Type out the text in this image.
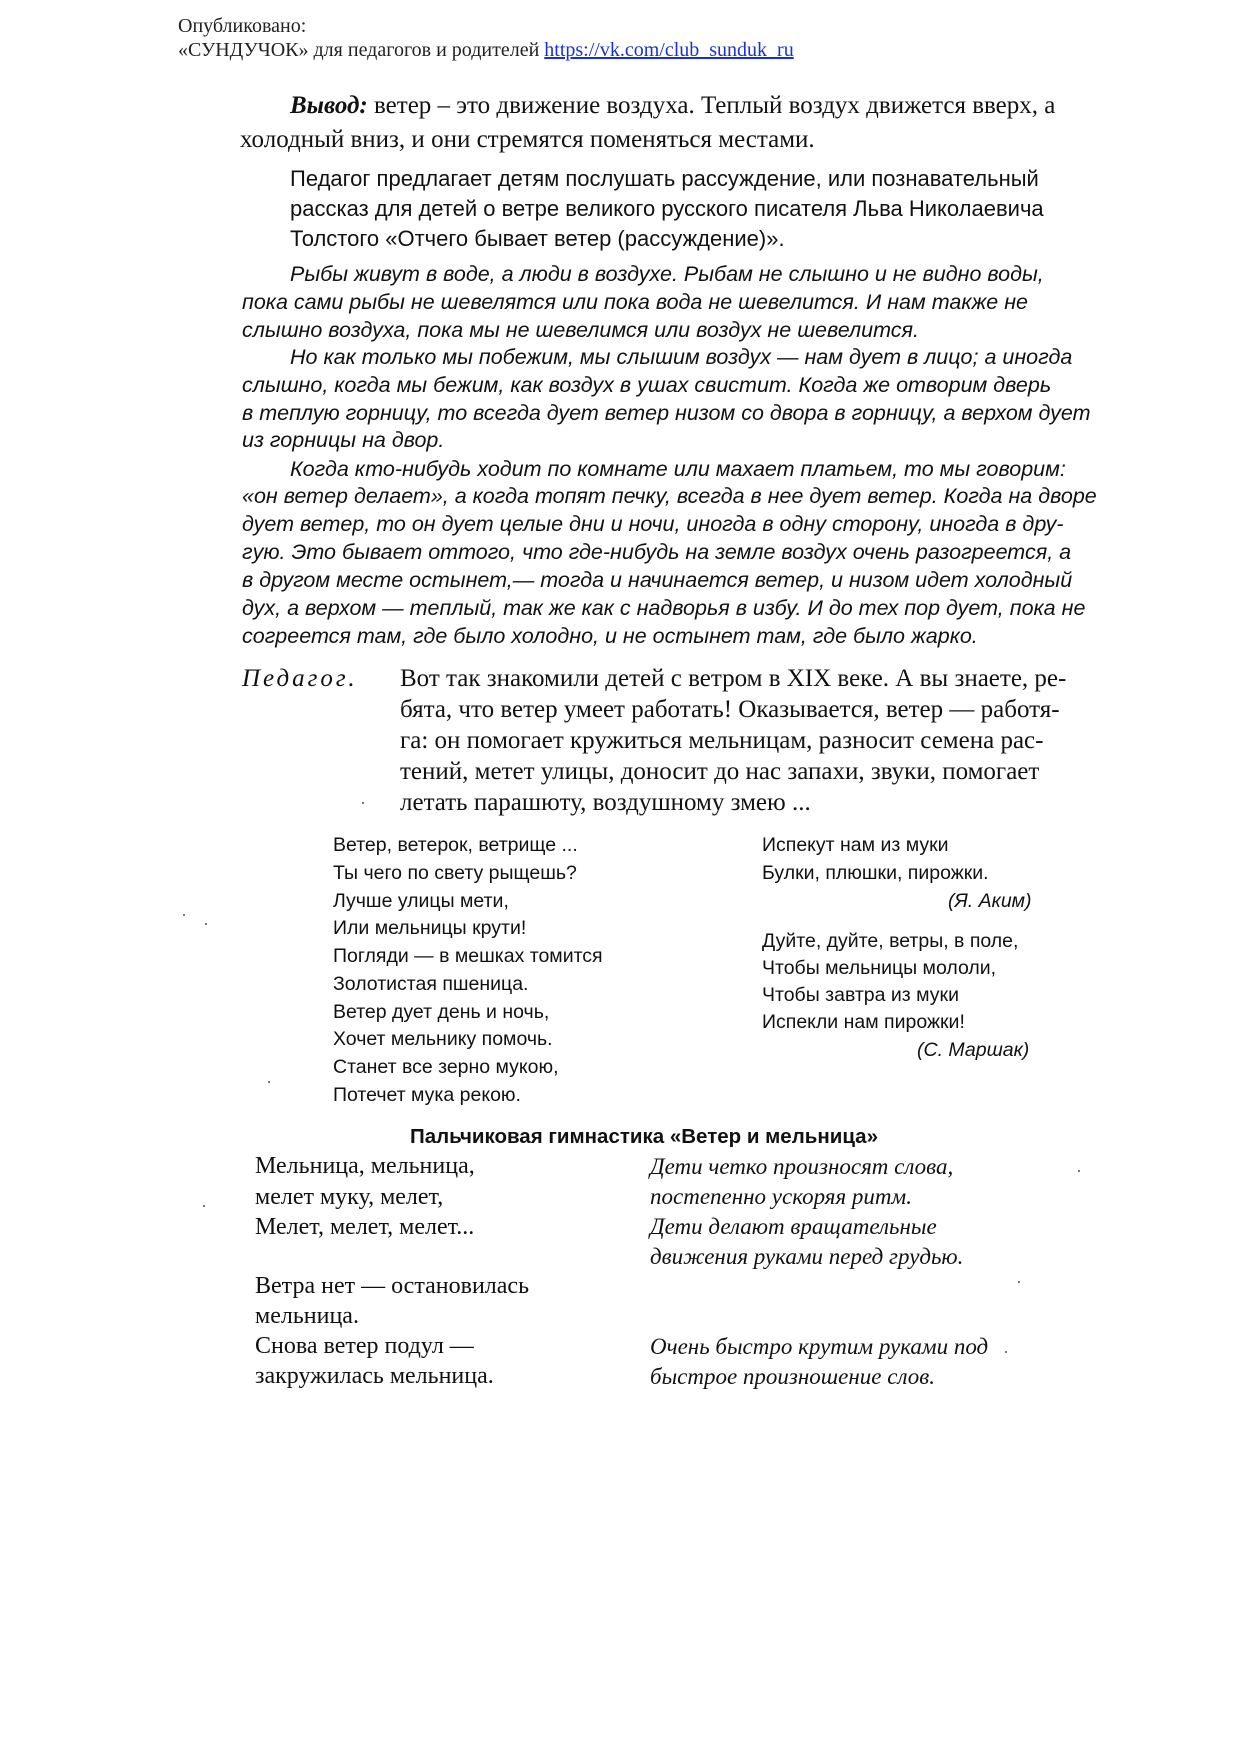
Опубликовано:
«СУНДУЧОК» для педагогов и родителей https://vk.com/club_sunduk_ru
Вывод: ветер – это движение воздуха. Теплый воздух движется вверх, а
холодный вниз, и они стремятся поменяться местами.
Педагог предлагает детям послушать рассуждение, или познавательный
рассказ для детей о ветре великого русского писателя Льва Николаевича
Толстого «Отчего бывает ветер (рассуждение)».
Рыбы живут в воде, а люди в воздухе. Рыбам не слышно и не видно воды,
пока сами рыбы не шевелятся или пока вода не шевелится. И нам также не
слышно воздуха, пока мы не шевелимся или воздух не шевелится.
Но как только мы побежим, мы слышим воздух — нам дует в лицо; а иногда
слышно, когда мы бежим, как воздух в ушах свистит. Когда же отворим дверь
в теплую горницу, то всегда дует ветер низом со двора в горницу, а верхом дует
из горницы на двор.
Когда кто-нибудь ходит по комнате или махает платьем, то мы говорим:
«он ветер делает», а когда топят печку, всегда в нее дует ветер. Когда на дворе
дует ветер, то он дует целые дни и ночи, иногда в одну сторону, иногда в дру-
гую. Это бывает оттого, что где-нибудь на земле воздух очень разогреется, а
в другом месте остынет,— тогда и начинается ветер, и низом идет холодный
дух, а верхом — теплый, так же как с надворья в избу. И до тех пор дует, пока не
согреется там, где было холодно, и не остынет там, где было жарко.
Педагог. Вот так знакомили детей с ветром в XIX веке. А вы знаете, ре-
бята, что ветер умеет работать! Оказывается, ветер — работя-
га: он помогает кружиться мельницам, разносит семена рас-
тений, метет улицы, доносит до нас запахи, звуки, помогает
летать парашюту, воздушному змею ...
Ветер, ветерок, ветрище ...
Ты чего по свету рыщешь?
Лучше улицы мети,
Или мельницы крути!
Погляди — в мешках томится
Золотистая пшеница.
Ветер дует день и ночь,
Хочет мельнику помочь.
Станет все зерно мукою,
Потечет мука рекою.
Испекут нам из муки
Булки, плюшки, пирожки.
(Я. Аким)
Дуйте, дуйте, ветры, в поле,
Чтобы мельницы мололи,
Чтобы завтра из муки
Испекли нам пирожки!
(С. Маршак)
Пальчиковая гимнастика «Ветер и мельница»
Мельница, мельница,
мелет муку, мелет,
Мелет, мелет, мелет...
Ветра нет — остановилась
мельница.
Снова ветер подул —
закружилась мельница.
Дети четко произносят слова,
постепенно ускоряя ритм.
Дети делают вращательные
движения руками перед грудью.
Очень быстро крутим руками под
быстрое произношение слов.
